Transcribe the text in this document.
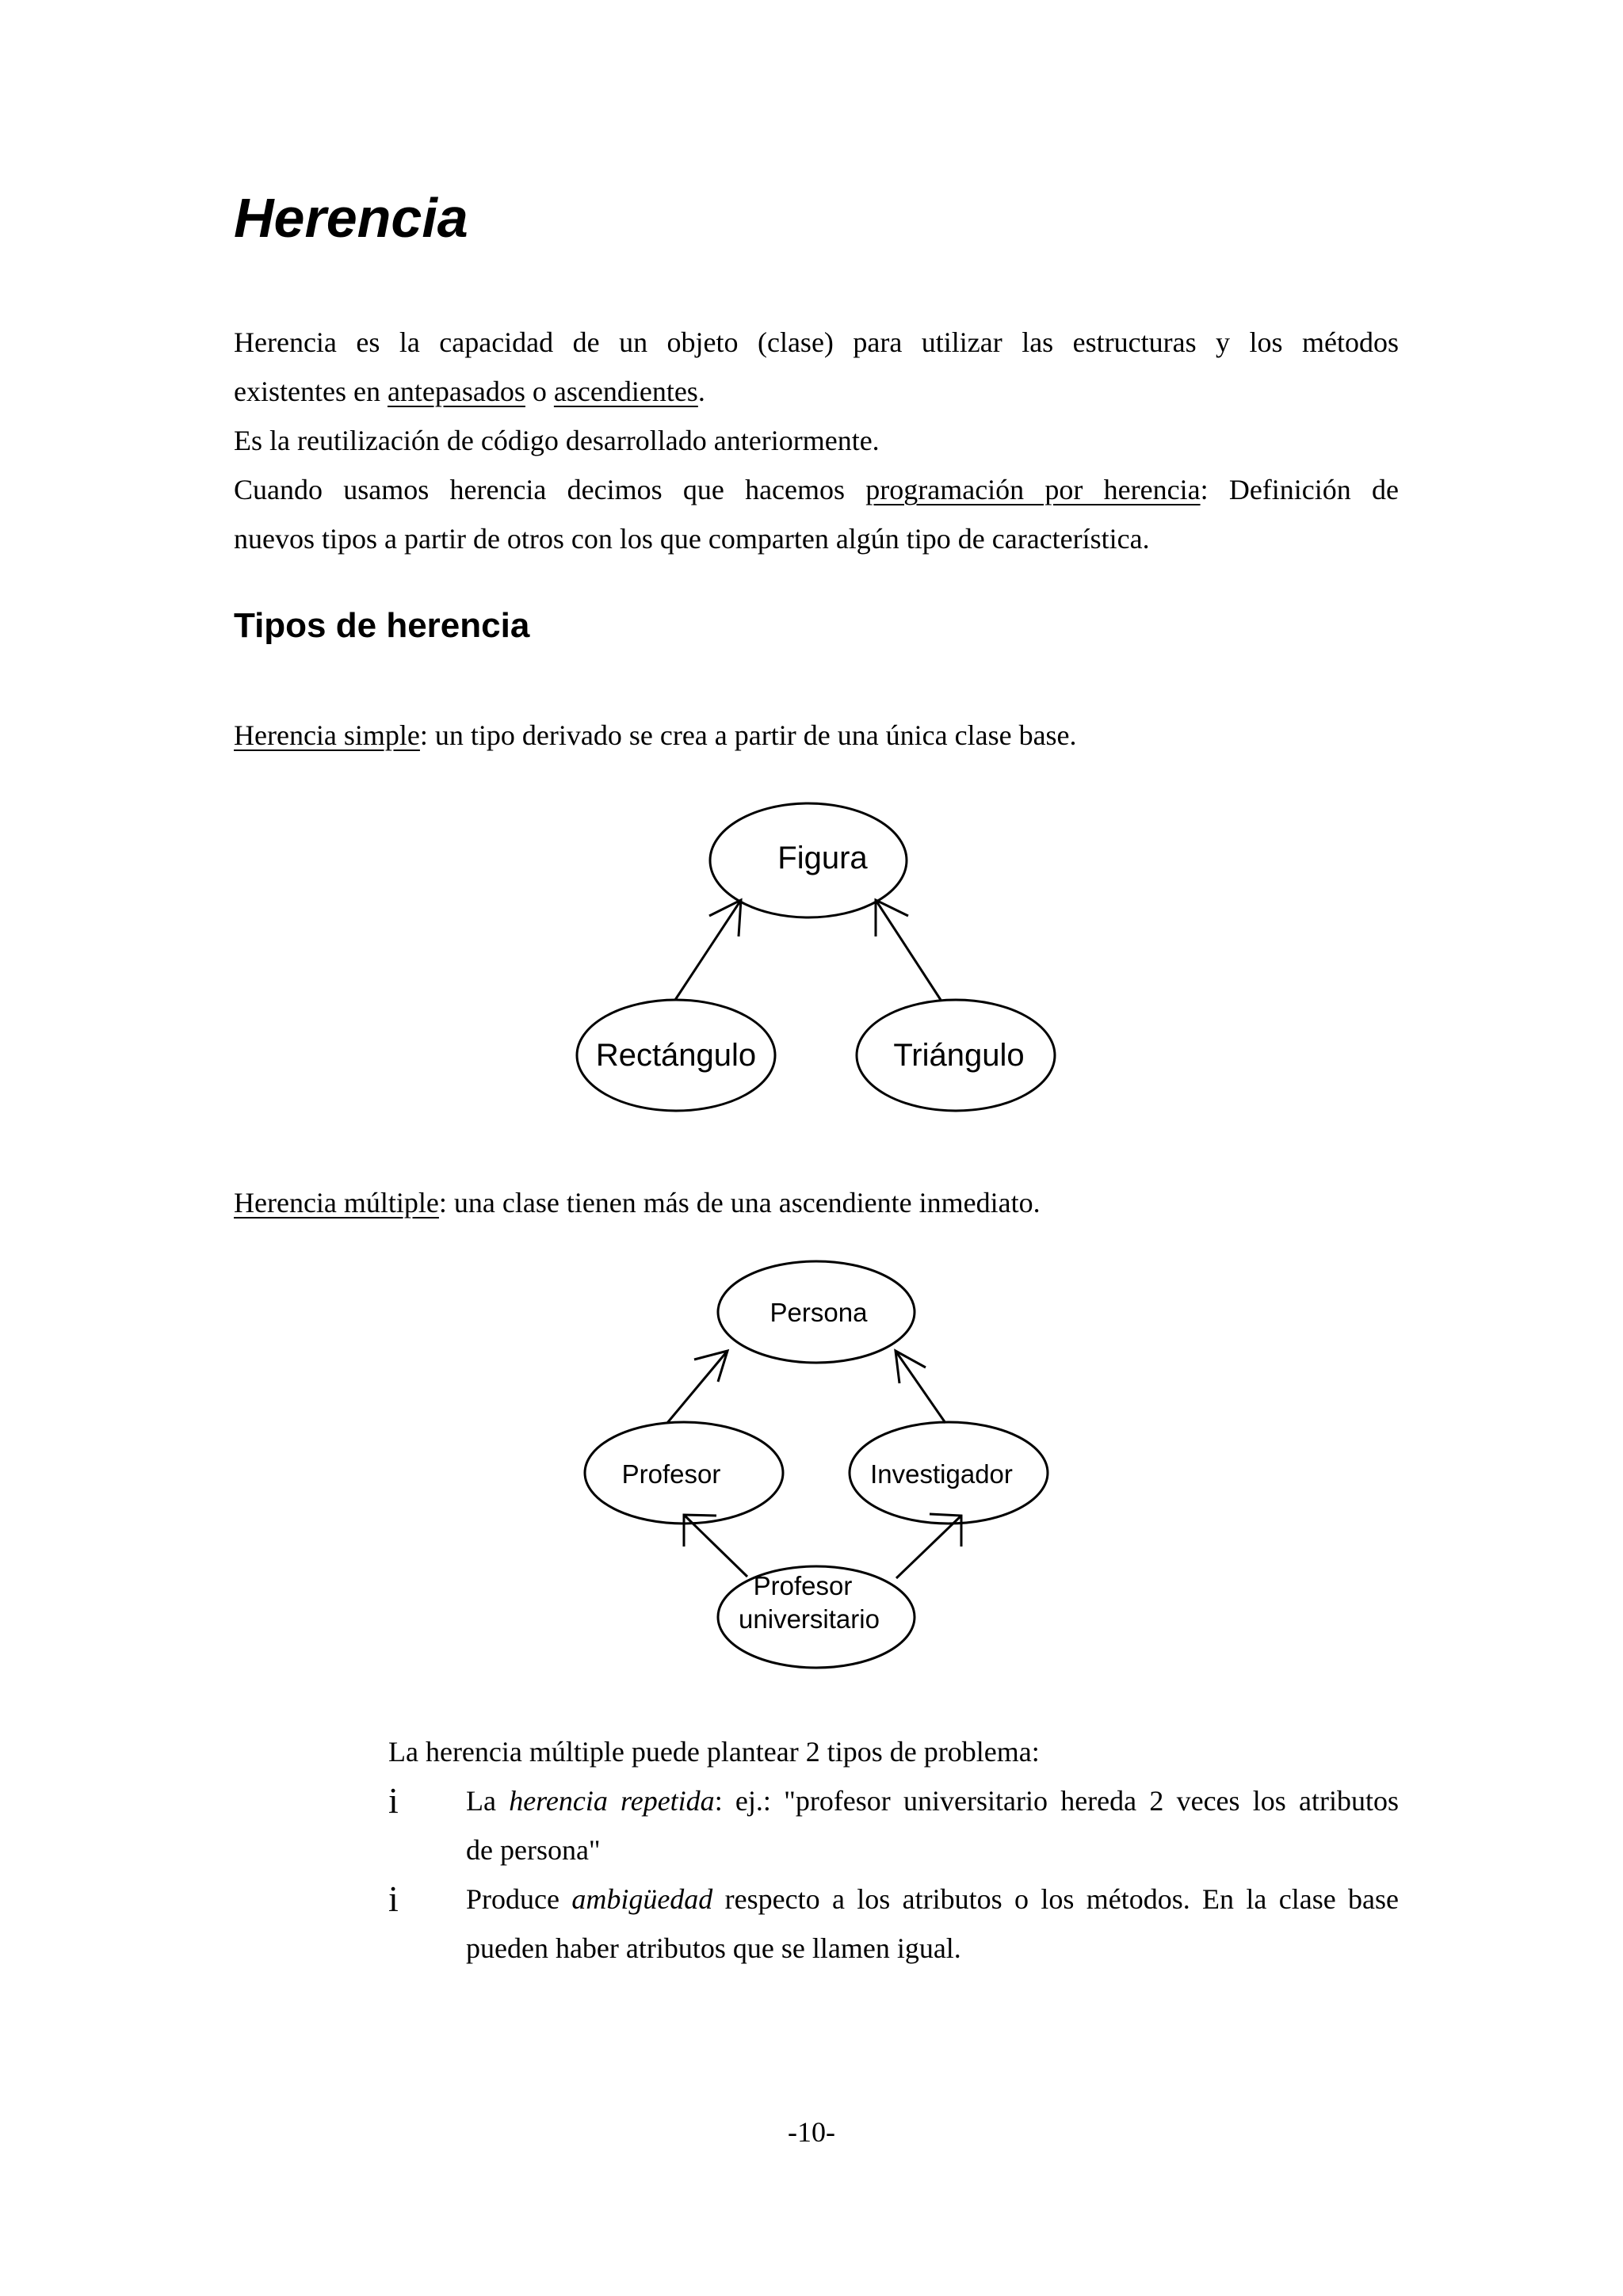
Herencia
Herencia es la capacidad de un objeto (clase) para utilizar las estructuras y los métodos
existentes en antepasados o ascendientes.
Es la reutilización de código desarrollado anteriormente.
Cuando usamos herencia decimos que hacemos programación por herencia: Definición de
nuevos tipos a partir de otros con los que comparten algún tipo de característica.
Tipos de herencia
Herencia simple: un tipo derivado se crea a partir de una única clase base.
Figura
Rectángulo	Triángulo
Herencia múltiple: una clase tienen más de una ascendiente inmediato.
Persona
Profesor	Investigador
Profesor
universitario
La herencia múltiple puede plantear 2 tipos de problema:
i La herencia repetida: ej.: "profesor universitario hereda 2 veces los atributos
de persona"
i Produce ambigüedad respecto a los atributos o los métodos. En la clase base
pueden haber atributos que se llamen igual.
-10-
